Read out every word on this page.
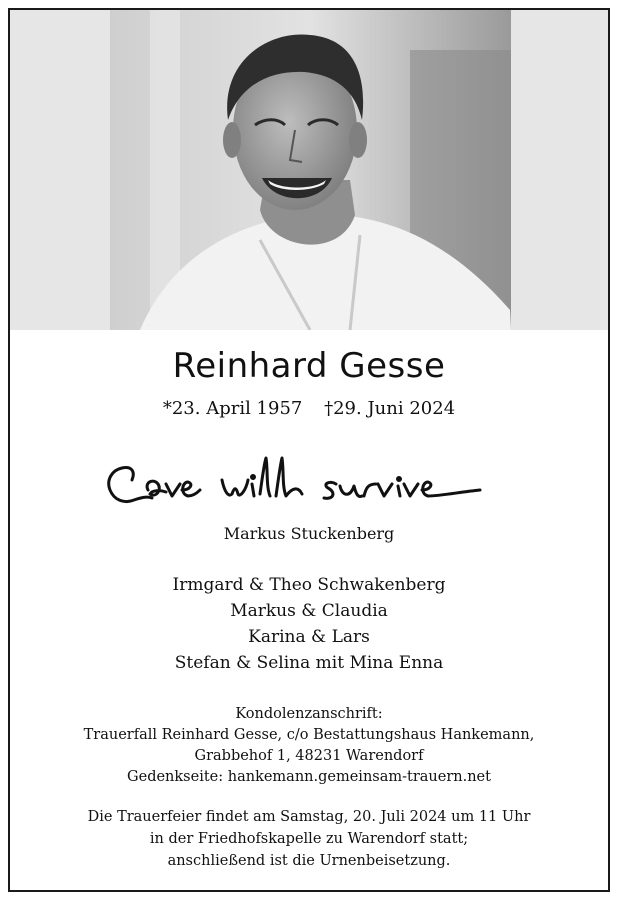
Reinhard Gesse
*23. April 1957 †29. Juni 2024
Markus Stuckenberg
Irmgard & Theo Schwakenberg
Markus & Claudia
Karina & Lars
Stefan & Selina mit Mina Enna
Kondolenzanschrift:
Trauerfall Reinhard Gesse, c/o Bestattungshaus Hankemann,
Grabbehof 1, 48231 Warendorf
Gedenkseite: hankemann.gemeinsam-trauern.net
Die Trauerfeier findet am Samstag, 20. Juli 2024 um 11 Uhr
in der Friedhofskapelle zu Warendorf statt;
anschließend ist die Urnenbeisetzung.
